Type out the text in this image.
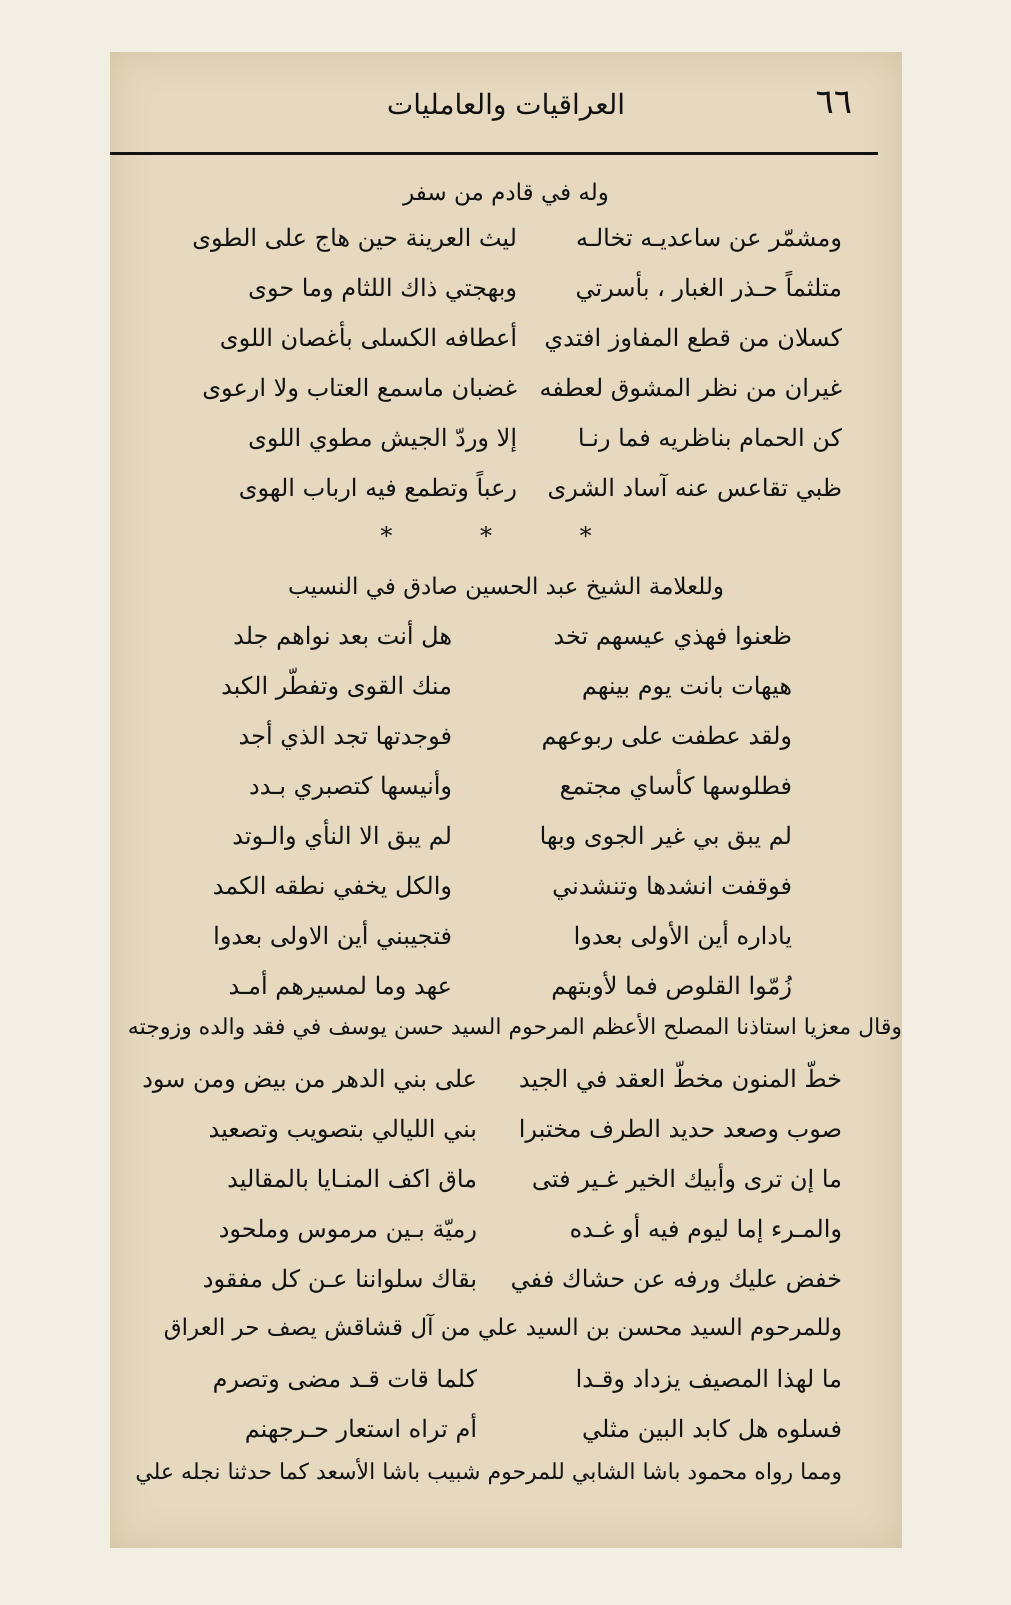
٦٦
العراقيات والعامليات
وله في قادم من سفر
ومشمّر عن ساعديـه تخالـه
ليث العرينة حين هاج على الطوى
متلثماً حـذر الغبار ، بأسرتي
وبهجتي ذاك اللثام وما حوى
كسلان من قطع المفاوز افتدي
أعطافه الكسلى بأغصان اللوى
غيران من نظر المشوق لعطفه
غضبان ماسمع العتاب ولا ارعوى
كن الحمام بناظريه فما رنـا
إلا وردّ الجيش مطوي اللوى
ظبي تقاعس عنه آساد الشرى
رعباً وتطمع فيه ارباب الهوى
* * *
وللعلامة الشيخ عبد الحسين صادق في النسيب
ظعنوا فهذي عيسهم تخد
هل أنت بعد نواهم جلد
هيهات بانت يوم بينهم
منك القوى وتفطّر الكبد
ولقد عطفت على ربوعهم
فوجدتها تجد الذي أجد
فطلوسها كأساي مجتمع
وأنيسها كتصبري بـدد
لم يبق بي غير الجوى وبها
لم يبق الا النأي والـوتد
فوقفت انشدها وتنشدني
والكل يخفي نطقه الكمد
ياداره أين الأولى بعدوا
فتجيبني أين الاولى بعدوا
زُمّوا القلوص فما لأوبتهم
عهد وما لمسيرهم أمـد
وقال معزيا استاذنا المصلح الأعظم المرحوم السيد حسن يوسف في فقد والده وزوجته
خطّ المنون مخطّ العقد في الجيد
على بني الدهر من بيض ومن سود
صوب وصعد حديد الطرف مختبرا
بني الليالي بتصويب وتصعيد
ما إن ترى وأبيك الخير غـير فتى
ماق اكف المنـايا بالمقاليد
والمـرء إما ليوم فيه أو غـده
رميّة بـين مرموس وملحود
خفض عليك ورفه عن حشاك ففي
بقاك سلواننا عـن كل مفقود
وللمرحوم السيد محسن بن السيد علي من آل قشاقش يصف حر العراق
ما لهذا المصيف يزداد وقـدا
كلما قات قـد مضى وتصرم
فسلوه هل كابد البين مثلي
أم تراه استعار حـرجهنم
ومما رواه محمود باشا الشابي للمرحوم شبيب باشا الأسعد كما حدثنا نجله علي
